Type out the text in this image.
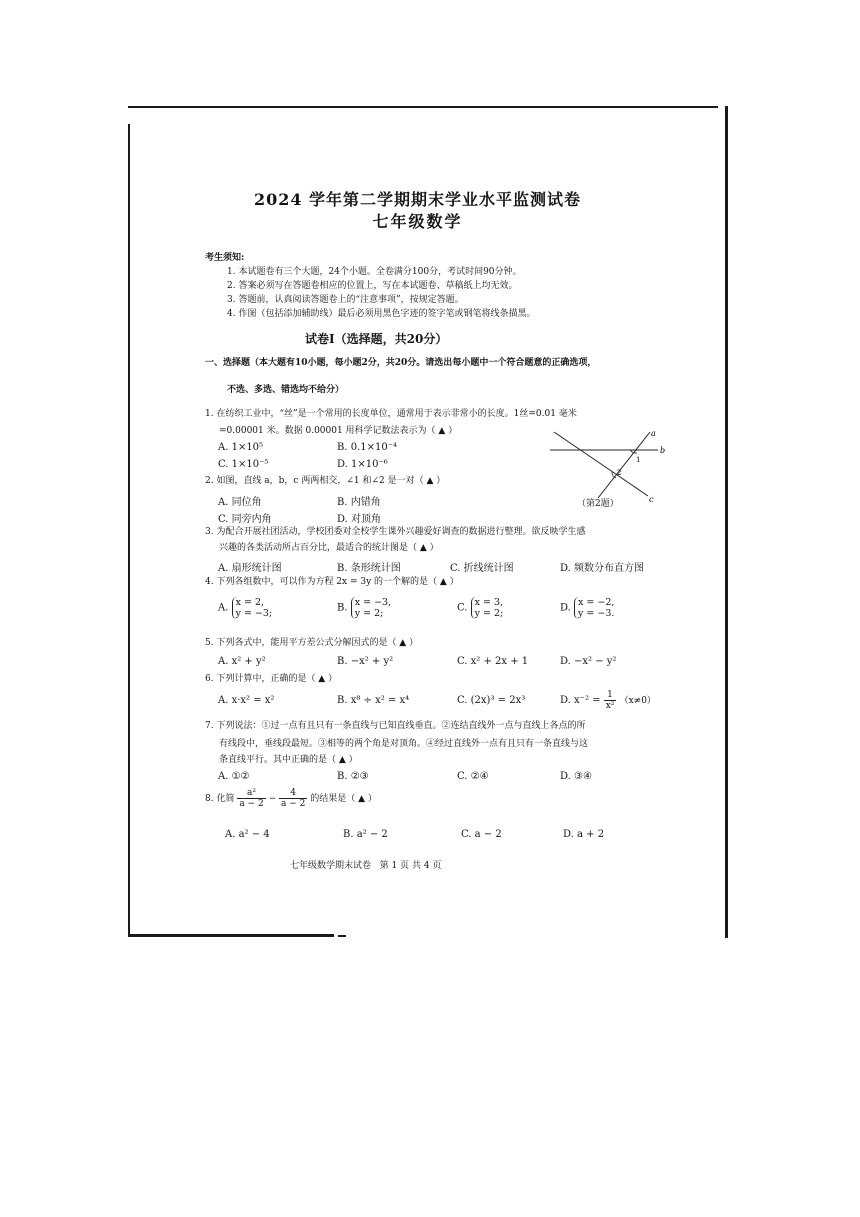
2024 学年第二学期期末学业水平监测试卷
七年级数学
考生须知:
1. 本试题卷有三个大题，24个小题。全卷满分100分，考试时间90分钟。
2. 答案必须写在答题卷相应的位置上，写在本试题卷、草稿纸上均无效。
3. 答题前，认真阅读答题卷上的“注意事项”，按规定答题。
4. 作图（包括添加辅助线）最后必须用黑色字迹的签字笔或钢笔将线条描黑。
试卷Ⅰ（选择题，共20分）
一、选择题（本大题有10小题，每小题2分，共20分。请选出每小题中一个符合题意的正确选项，
不选、多选、错选均不给分）
1. 在纺织工业中，“丝”是一个常用的长度单位，通常用于表示非常小的长度。1丝=0.01 毫米
=0.00001 米。数据 0.00001 用科学记数法表示为（ ▲ ）
A. 1×10⁵	B. 0.1×10⁻⁴
C. 1×10⁻⁵	D. 1×10⁻⁶
a
b
c
1
2
（第2题）
2. 如图，直线 a，b，c 两两相交，∠1 和∠2 是一对（ ▲ ）
A. 同位角	B. 内错角
C. 同旁内角	D. 对顶角
3. 为配合开展社团活动，学校团委对全校学生课外兴趣爱好调查的数据进行整理。欲反映学生感
兴趣的各类活动所占百分比，最适合的统计图是（ ▲ ）
A. 扇形统计图	B. 条形统计图	C. 折线统计图	D. 频数分布直方图
4. 下列各组数中，可以作为方程 2x = 3y 的一个解的是（ ▲ ）
A. x = 2,
y = −3;	B. x = −3,
y = 2;	C. x = 3,
y = 2;	D. x = −2,
y = −3.
5. 下列各式中，能用平方差公式分解因式的是（ ▲ ）
A. x² + y²	B. −x² + y²	C. x² + 2x + 1	D. −x² − y²
6. 下列计算中，正确的是（ ▲ ）
A. x·x² = x²	B. x⁸ ÷ x² = x⁴	C. (2x)³ = 2x³	D. $x^{-2} = \frac{1}{\text{x²}} (x\ne 0)$
7. 下列说法：①过一点有且只有一条直线与已知直线垂直。②连结直线外一点与直线上各点的所
有线段中，垂线段最短。③相等的两个角是对顶角。④经过直线外一点有且只有一条直线与这
条直线平行。其中正确的是（ ▲ ）
A. ①②	B. ②③	C. ②④	D. ③④
8. 化简 $\frac{\text{a²}}{a - 2} - \frac{4}{a - 2}$ 的结果是（ ▲ ）
A. a² − 4	B. a² − 2	C. a − 2	D. a + 2
七年级数学期末试卷   第 1 页 共 4 页
